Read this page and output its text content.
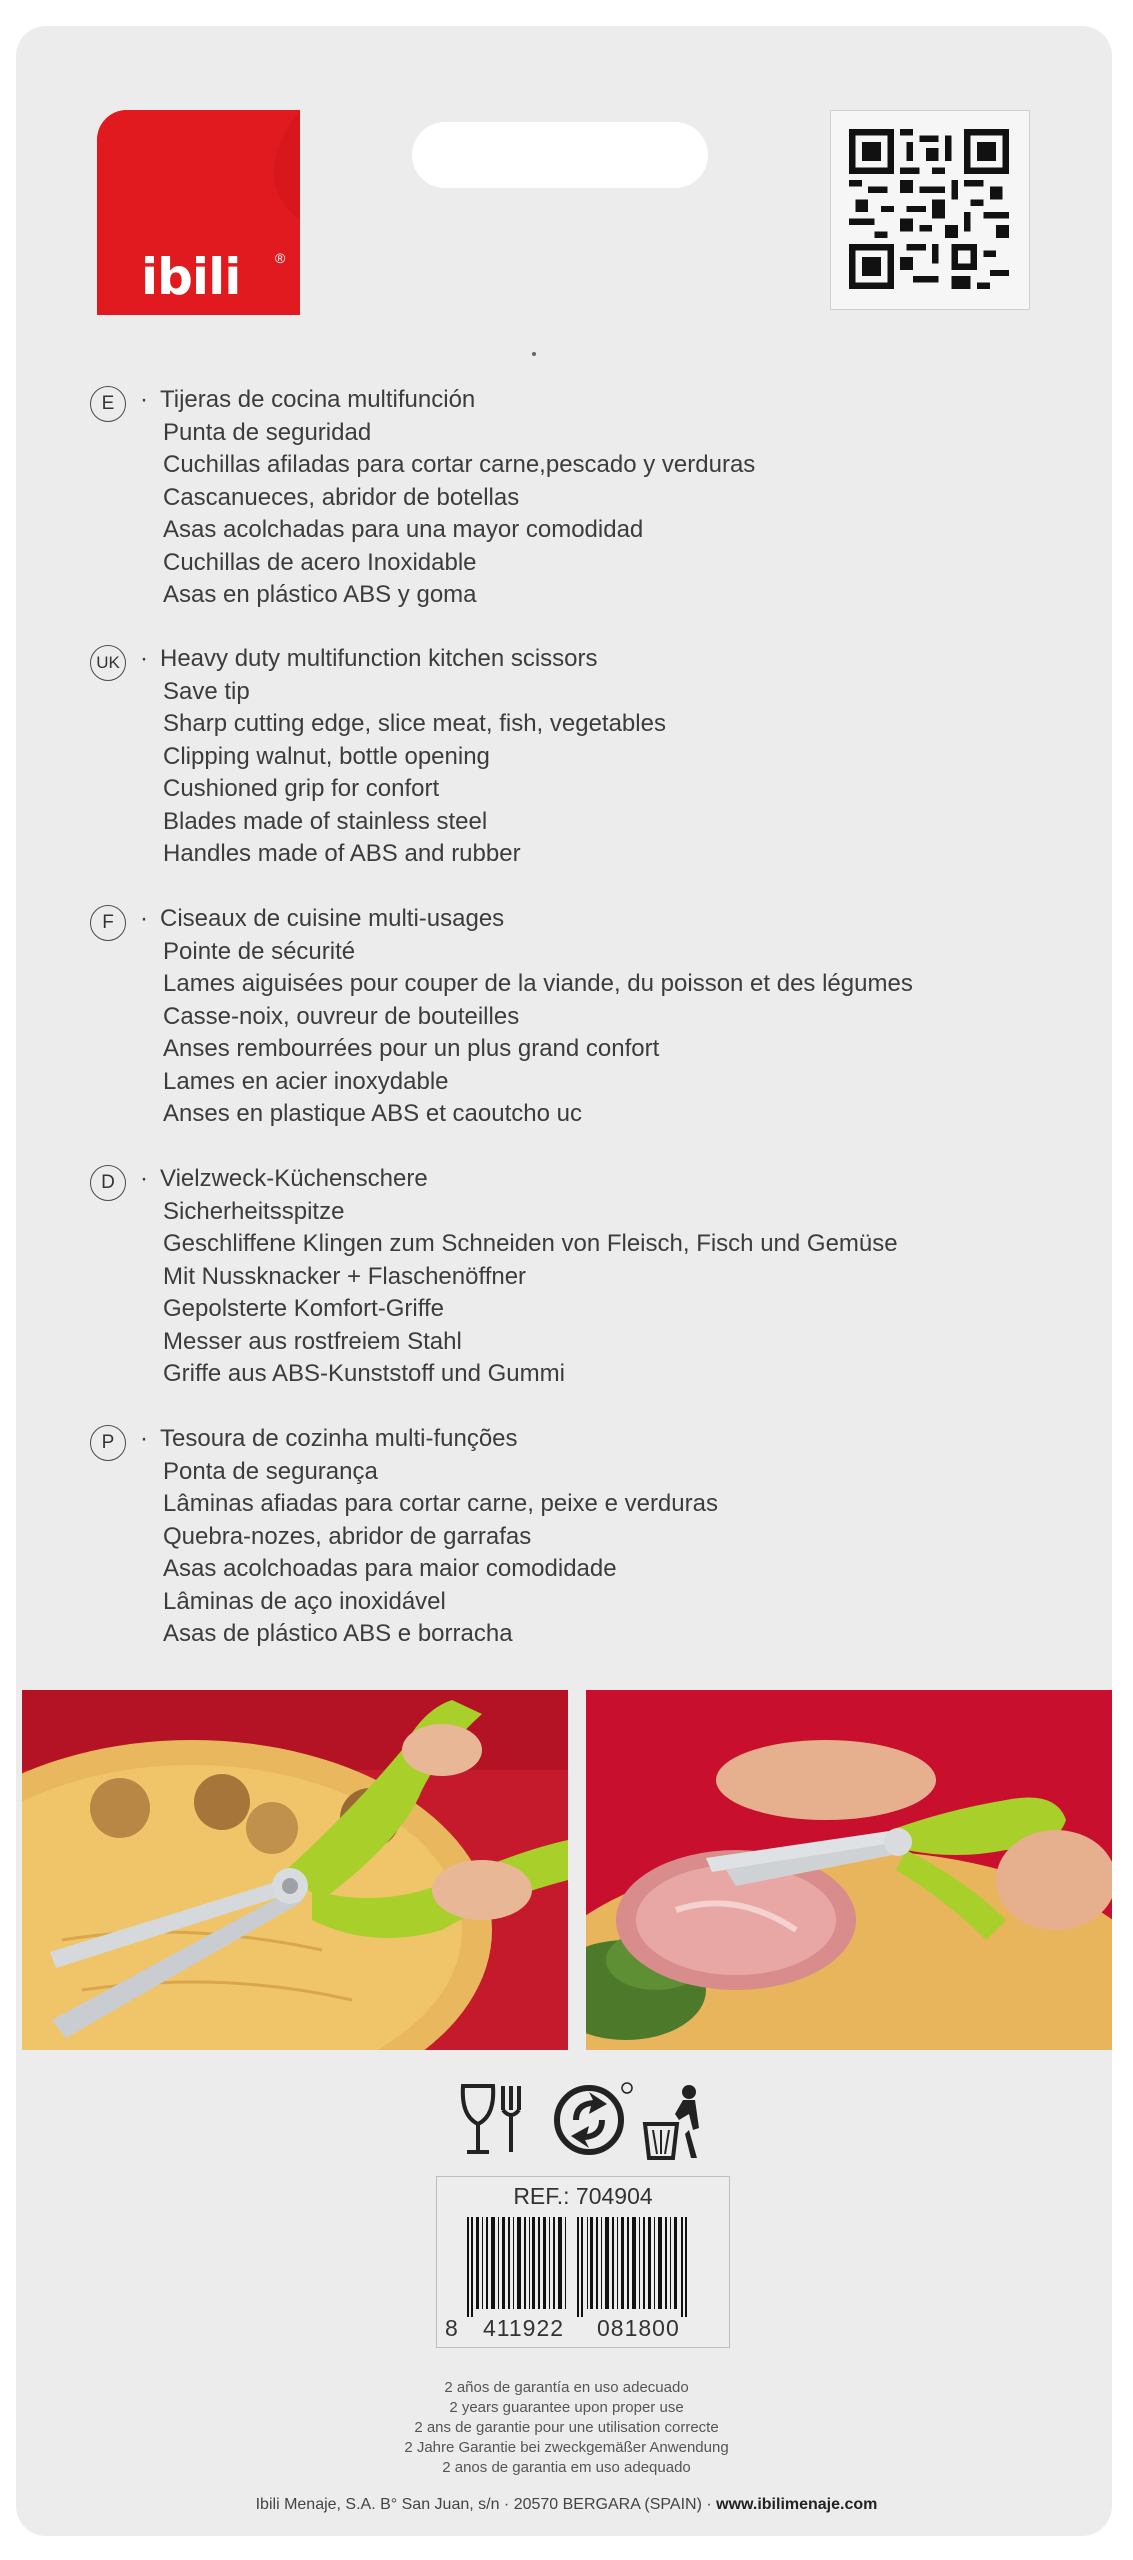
ibili ®
E	· Tijeras de cocina multifunción
Punta de seguridad
Cuchillas afiladas para cortar carne,pescado y verduras
Cascanueces, abridor de botellas
Asas acolchadas para una mayor comodidad
Cuchillas de acero Inoxidable
Asas en plástico ABS y goma
UK	· Heavy duty multifunction kitchen scissors
Save tip
Sharp cutting edge, slice meat, fish, vegetables
Clipping walnut, bottle opening
Cushioned grip for confort
Blades made of stainless steel
Handles made of ABS and rubber
F	· Ciseaux de cuisine multi-usages
Pointe de sécurité
Lames aiguisées pour couper de la viande, du poisson et des légumes
Casse-noix, ouvreur de bouteilles
Anses rembourrées pour un plus grand confort
Lames en acier inoxydable
Anses en plastique ABS et caoutcho uc
D	· Vielzweck-Küchenschere
Sicherheitsspitze
Geschliffene Klingen zum Schneiden von Fleisch, Fisch und Gemüse
Mit Nussknacker + Flaschenöffner
Gepolsterte Komfort-Griffe
Messer aus rostfreiem Stahl
Griffe aus ABS-Kunststoff und Gummi
P	· Tesoura de cozinha multi-funções
Ponta de segurança
Lâminas afiadas para cortar carne, peixe e verduras
Quebra-nozes, abridor de garrafas
Asas acolchoadas para maior comodidade
Lâminas de aço inoxidável
Asas de plástico ABS e borracha
REF.: 704904
8 411922 081800
2 años de garantía en uso adecuado
2 years guarantee upon proper use
2 ans de garantie pour une utilisation correcte
2 Jahre Garantie bei zweckgemäßer Anwendung
2 anos de garantia em uso adequado
Ibili Menaje, S.A. B° San Juan, s/n · 20570 BERGARA (SPAIN) · www.ibilimenaje.com
